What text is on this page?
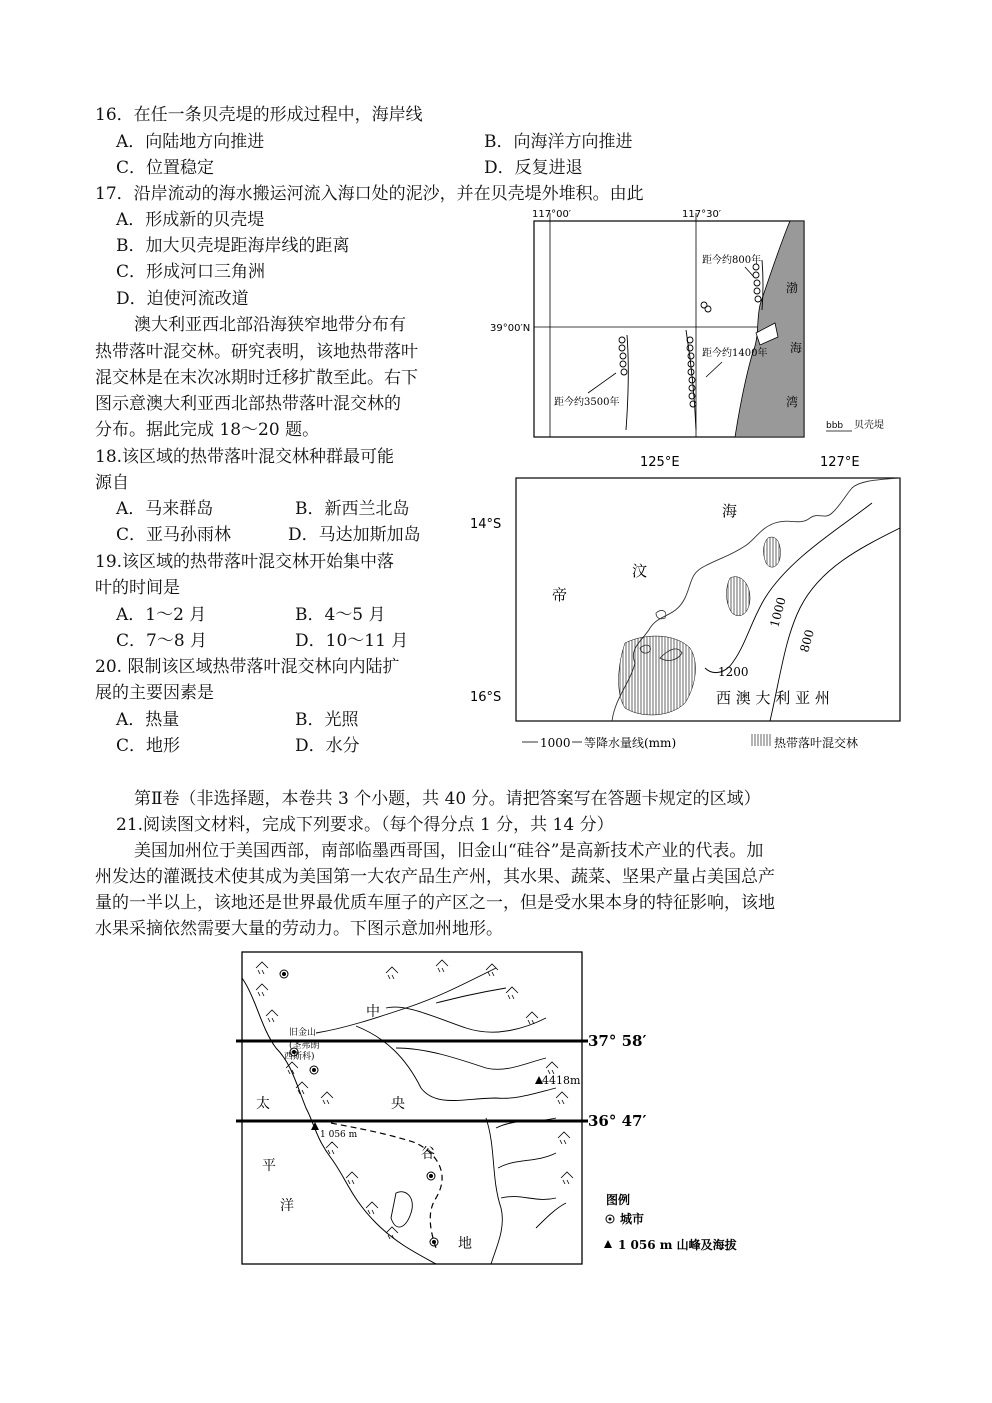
16．在任一条贝壳堤的形成过程中，海岸线
A．向陆地方向推进	B．向海洋方向推进
C．位置稳定	D．反复进退
17．沿岸流动的海水搬运河流入海口处的泥沙，并在贝壳堤外堆积。由此
A．形成新的贝壳堤
B．加大贝壳堤距海岸线的距离
C．形成河口三角洲
D．迫使河流改道
澳大利亚西北部沿海狭窄地带分布有
热带落叶混交林。研究表明，该地热带落叶
混交林是在末次冰期时迁移扩散至此。右下
图示意澳大利亚西北部热带落叶混交林的
分布。据此完成 18～20 题。
18.该区域的热带落叶混交林种群最可能
源自
A．马来群岛	B．新西兰北岛
C．亚马孙雨林	D．马达加斯加岛
19.该区域的热带落叶混交林开始集中落
叶的时间是
A．1～2 月	B．4～5 月
C．7～8 月	D．10～11 月
20. 限制该区域热带落叶混交林向内陆扩
展的主要因素是
A．热量	B．光照
C．地形	D．水分
第Ⅱ卷（非选择题，本卷共 3 个小题，共 40 分。请把答案写在答题卡规定的区域）
21.阅读图文材料，完成下列要求。（每个得分点 1 分，共 14 分）
美国加州位于美国西部，南部临墨西哥国，旧金山“硅谷”是高新技术产业的代表。加
州发达的灌溉技术使其成为美国第一大农产品生产州，其水果、蔬菜、坚果产量占美国总产
量的一半以上，该地还是世界最优质车厘子的产区之一，但是受水果本身的特征影响，该地
水果采摘依然需要大量的劳动力。下图示意加州地形。
117°00′	117°30′
39°00′N
距今约800年
距今约1400年
距今约3500年
渤
海
湾
bbb 贝壳堤
125°E	127°E
14°S
16°S
1000
800
1200
海
汶
帝
西 澳 大 利 亚 州
1000 等降水量线(mm)	热带落叶混交林
37° 58′
36° 47′
旧金山
(圣弗朗
西斯科)
4418m
1 056 m
中
央
谷
地
太
平
洋	图例
城市
1 056 m 山峰及海拔
